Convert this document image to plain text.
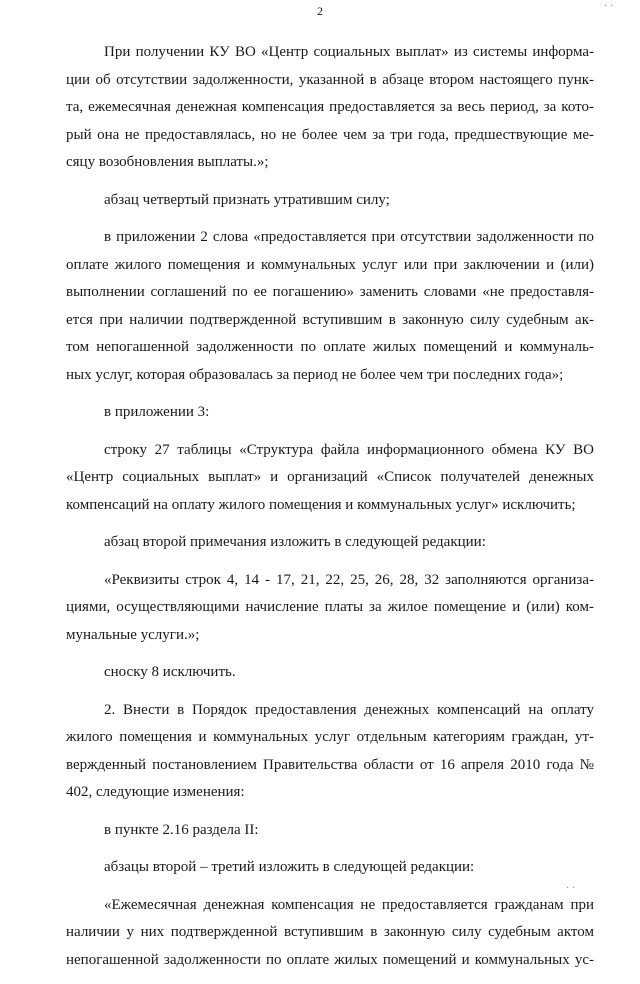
2
При получении КУ ВО «Центр социальных выплат» из системы информа-
ции об отсутствии задолженности, указанной в абзаце втором настоящего пунк-
та, ежемесячная денежная компенсация предоставляется за весь период, за кото-
рый она не предоставлялась, но не более чем за три года, предшествующие ме-
сяцу возобновления выплаты.»;
абзац четвертый признать утратившим силу;
в приложении 2 слова «предоставляется при отсутствии задолженности по
оплате жилого помещения и коммунальных услуг или при заключении и (или)
выполнении соглашений по ее погашению» заменить словами «не предоставля-
ется при наличии подтвержденной вступившим в законную силу судебным ак-
том непогашенной задолженности по оплате жилых помещений и коммуналь-
ных услуг, которая образовалась за период не более чем три последних года»;
в приложении 3:
строку 27 таблицы «Структура файла информационного обмена КУ ВО
«Центр социальных выплат» и организаций «Список получателей денежных
компенсаций на оплату жилого помещения и коммунальных услуг» исключить;
абзац второй примечания изложить в следующей редакции:
«Реквизиты строк 4, 14 - 17, 21, 22, 25, 26, 28, 32 заполняются организа-
циями, осуществляющими начисление платы за жилое помещение и (или) ком-
мунальные услуги.»;
сноску 8 исключить.
2. Внести в Порядок предоставления денежных компенсаций на оплату
жилого помещения и коммунальных услуг отдельным категориям граждан, ут-
вержденный постановлением Правительства области от 16 апреля 2010 года №
402, следующие изменения:
в пункте 2.16 раздела II:
абзацы второй – третий изложить в следующей редакции:
«Ежемесячная денежная компенсация не предоставляется гражданам при
наличии у них подтвержденной вступившим в законную силу судебным актом
непогашенной задолженности по оплате жилых помещений и коммунальных ус-
· ·
· ·
